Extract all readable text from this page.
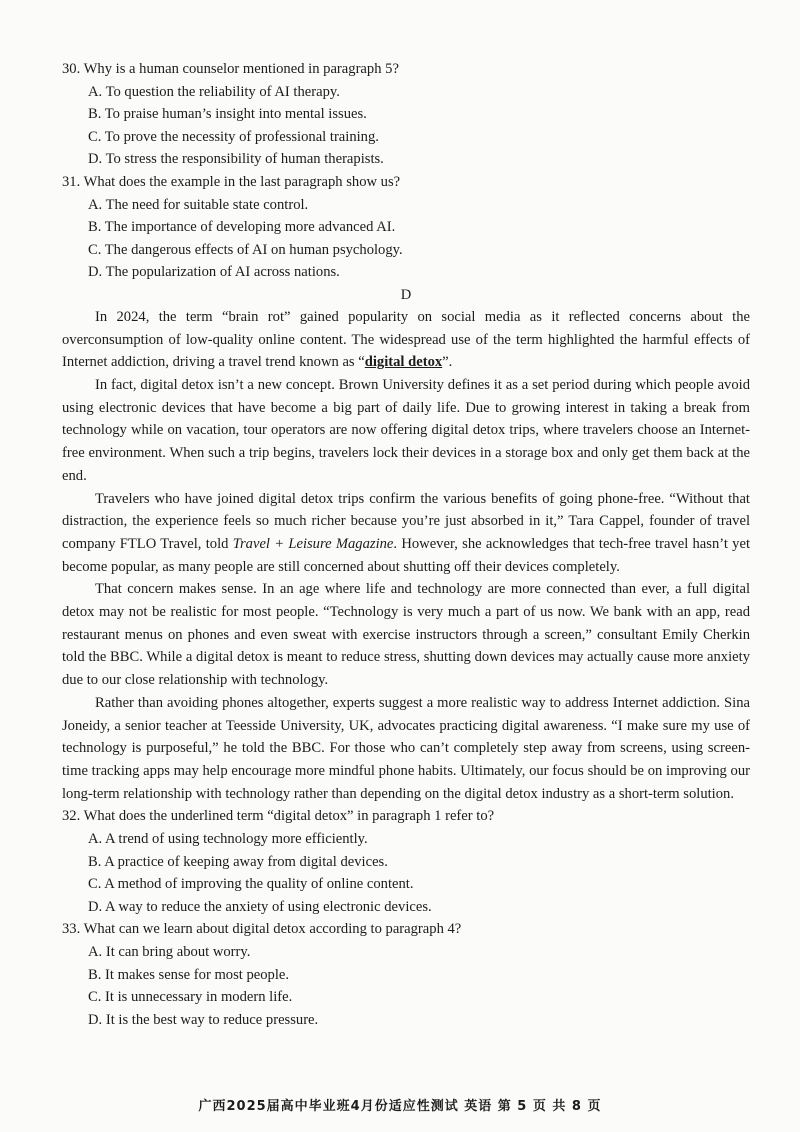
30. Why is a human counselor mentioned in paragraph 5?
A. To question the reliability of AI therapy.
B. To praise human’s insight into mental issues.
C. To prove the necessity of professional training.
D. To stress the responsibility of human therapists.
31. What does the example in the last paragraph show us?
A. The need for suitable state control.
B. The importance of developing more advanced AI.
C. The dangerous effects of AI on human psychology.
D. The popularization of AI across nations.
D

In 2024, the term “brain rot” gained popularity on social media as it reflected concerns about the overconsumption of low-quality online content. The widespread use of the term highlighted the harmful effects of Internet addiction, driving a travel trend known as “digital detox”.

In fact, digital detox isn’t a new concept. Brown University defines it as a set period during which people avoid using electronic devices that have become a big part of daily life. Due to growing interest in taking a break from technology while on vacation, tour operators are now offering digital detox trips, where travelers choose an Internet-free environment. When such a trip begins, travelers lock their devices in a storage box and only get them back at the end.

Travelers who have joined digital detox trips confirm the various benefits of going phone-free. “Without that distraction, the experience feels so much richer because you’re just absorbed in it,” Tara Cappel, founder of travel company FTLO Travel, told Travel + Leisure Magazine. However, she acknowledges that tech-free travel hasn’t yet become popular, as many people are still concerned about shutting off their devices completely.

That concern makes sense. In an age where life and technology are more connected than ever, a full digital detox may not be realistic for most people. “Technology is very much a part of us now. We bank with an app, read restaurant menus on phones and even sweat with exercise instructors through a screen,” consultant Emily Cherkin told the BBC. While a digital detox is meant to reduce stress, shutting down devices may actually cause more anxiety due to our close relationship with technology.

Rather than avoiding phones altogether, experts suggest a more realistic way to address Internet addiction. Sina Joneidy, a senior teacher at Teesside University, UK, advocates practicing digital awareness. “I make sure my use of technology is purposeful,” he told the BBC. For those who can’t completely step away from screens, using screen-time tracking apps may help encourage more mindful phone habits. Ultimately, our focus should be on improving our long-term relationship with technology rather than depending on the digital detox industry as a short-term solution.

32. What does the underlined term “digital detox” in paragraph 1 refer to?
A. A trend of using technology more efficiently.
B. A practice of keeping away from digital devices.
C. A method of improving the quality of online content.
D. A way to reduce the anxiety of using electronic devices.
33. What can we learn about digital detox according to paragraph 4?
A. It can bring about worry.
B. It makes sense for most people.
C. It is unnecessary in modern life.
D. It is the best way to reduce pressure.
广西2025届高中毕业班4月份适应性测试 英语 第 5 页 共 8 页
